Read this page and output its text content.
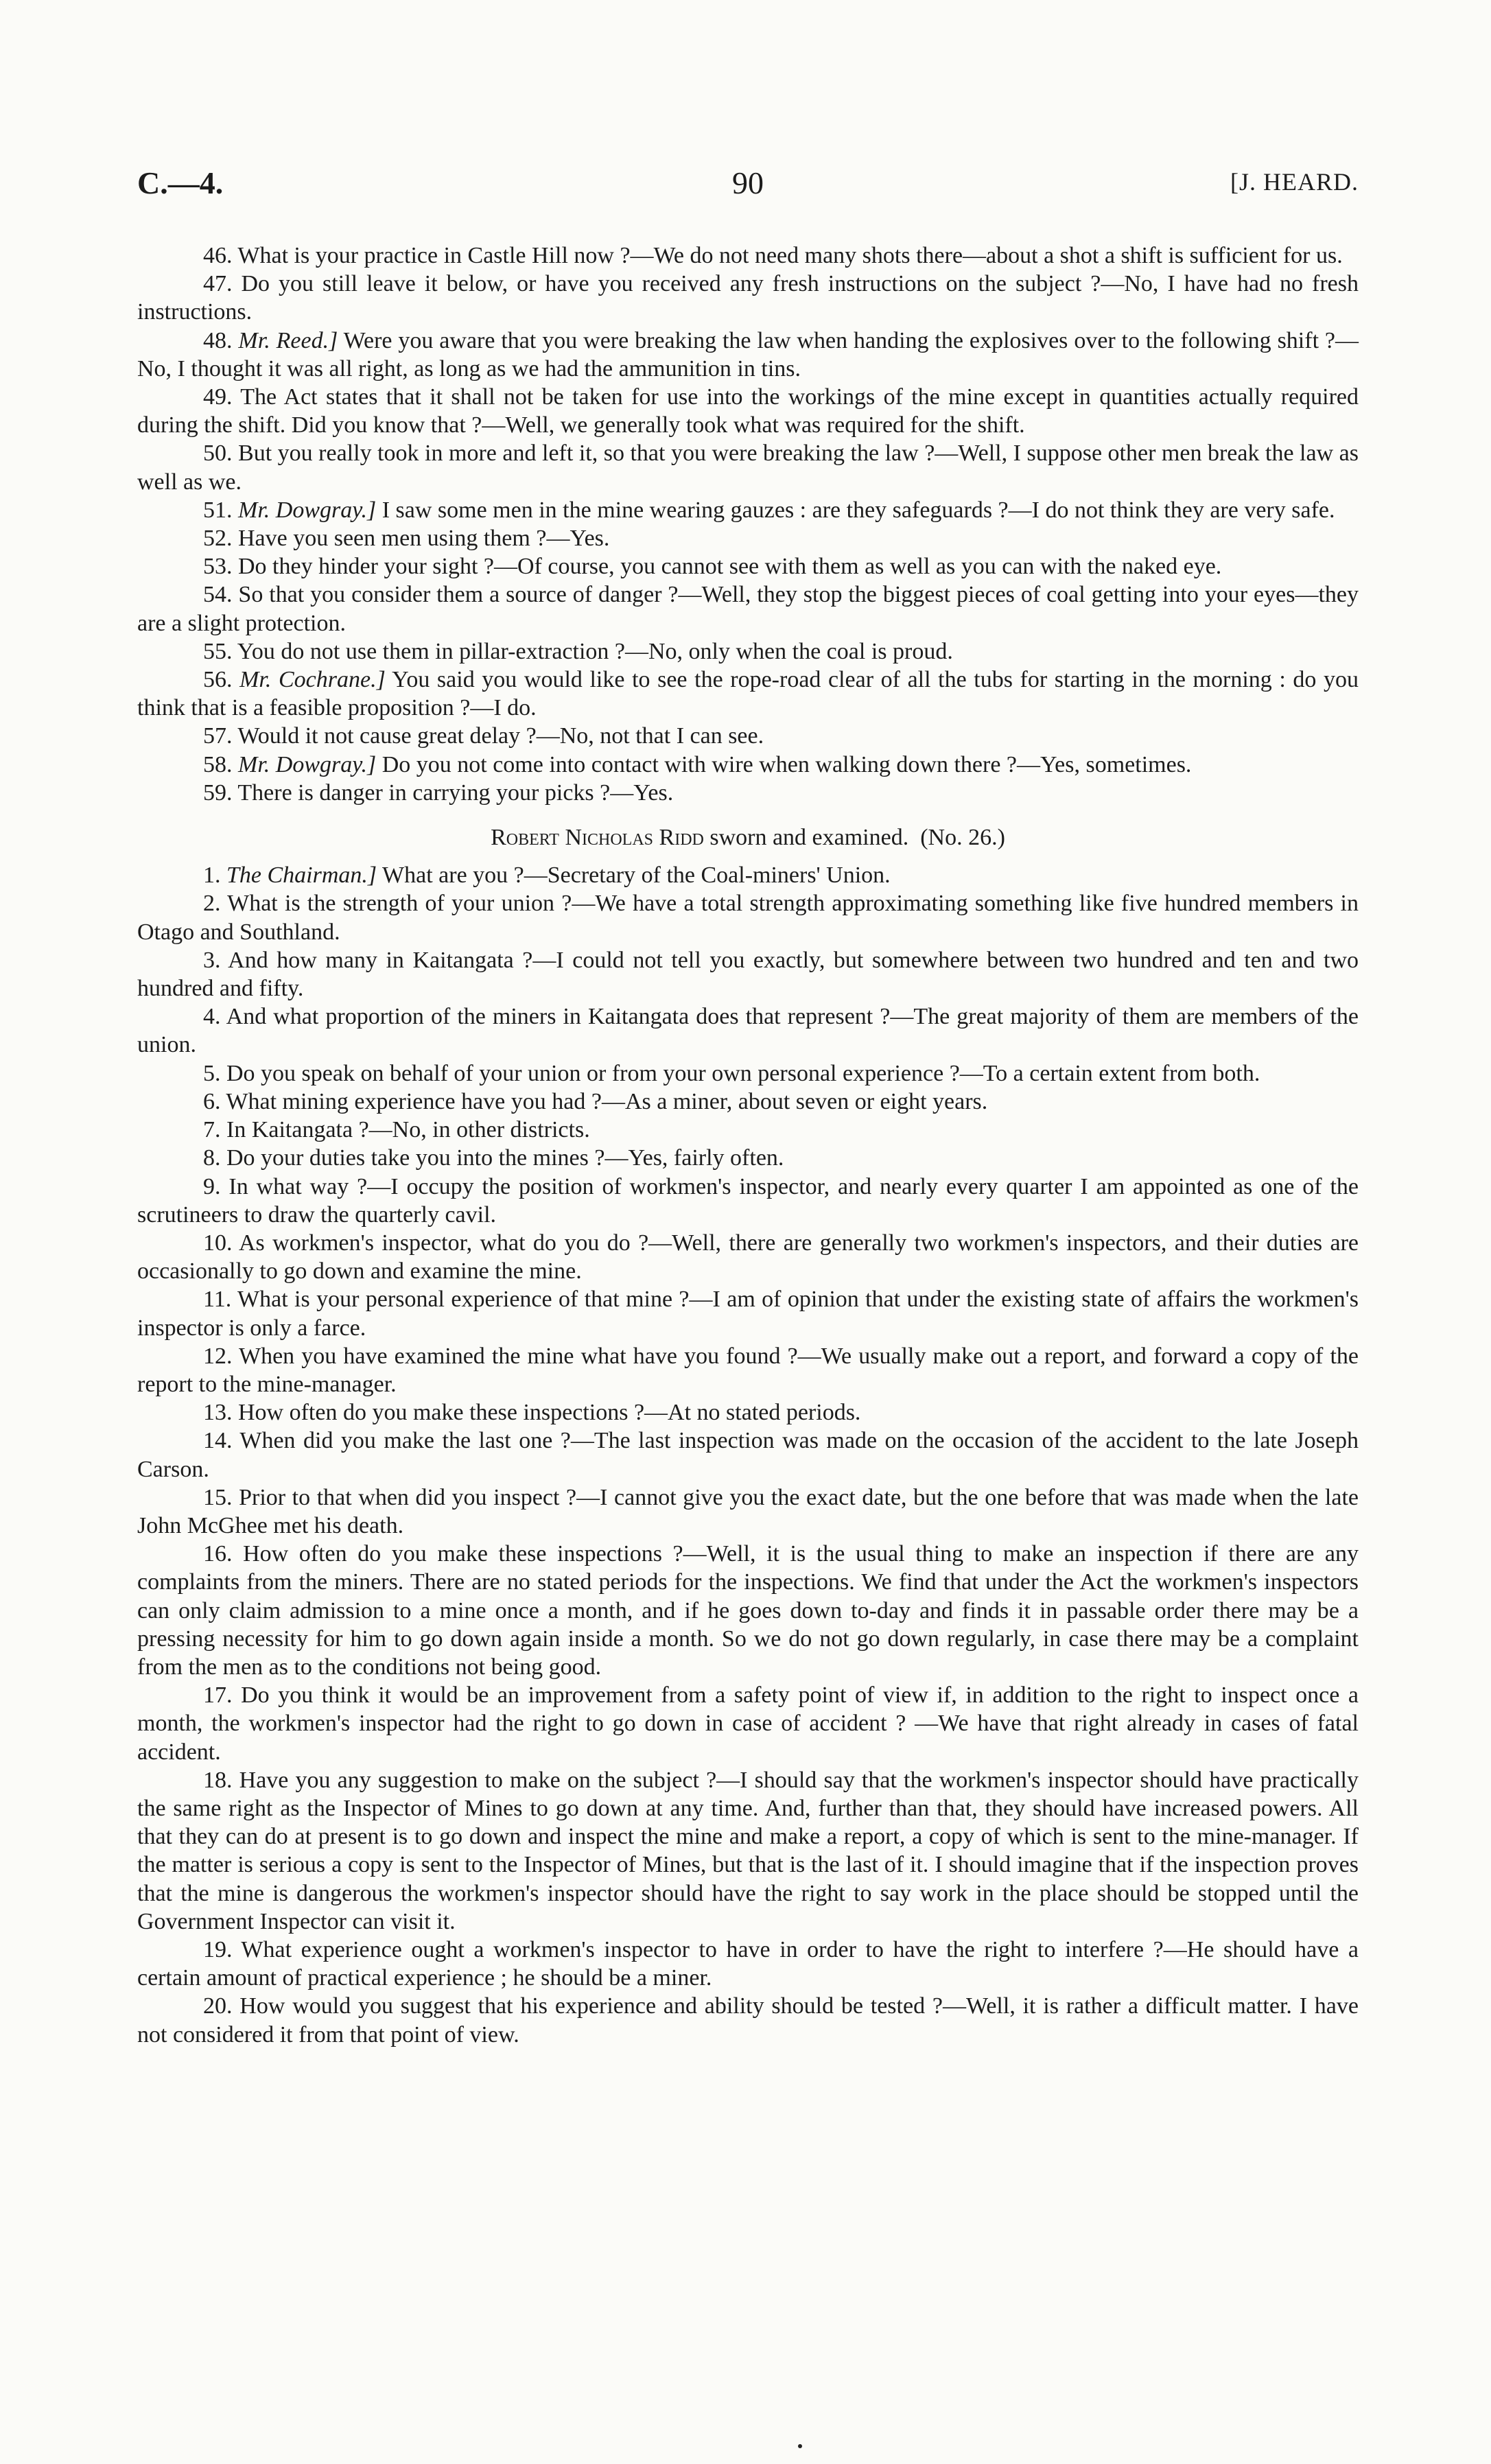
C.—4.	90	[J. HEARD.

46. What is your practice in Castle Hill now ?—We do not need many shots there—about a shot a shift is sufficient for us.

47. Do you still leave it below, or have you received any fresh instructions on the subject ?—No, I have had no fresh instructions.

48. Mr. Reed.] Were you aware that you were breaking the law when handing the explosives over to the following shift ?—No, I thought it was all right, as long as we had the ammunition in tins.

49. The Act states that it shall not be taken for use into the workings of the mine except in quantities actually required during the shift. Did you know that ?—Well, we generally took what was required for the shift.

50. But you really took in more and left it, so that you were breaking the law ?—Well, I suppose other men break the law as well as we.

51. Mr. Dowgray.] I saw some men in the mine wearing gauzes : are they safeguards ?—I do not think they are very safe.

52. Have you seen men using them ?—Yes.

53. Do they hinder your sight ?—Of course, you cannot see with them as well as you can with the naked eye.

54. So that you consider them a source of danger ?—Well, they stop the biggest pieces of coal getting into your eyes—they are a slight protection.

55. You do not use them in pillar-extraction ?—No, only when the coal is proud.

56. Mr. Cochrane.] You said you would like to see the rope-road clear of all the tubs for starting in the morning : do you think that is a feasible proposition ?—I do.

57. Would it not cause great delay ?—No, not that I can see.

58. Mr. Dowgray.] Do you not come into contact with wire when walking down there ?—Yes, sometimes.

59. There is danger in carrying your picks ?—Yes.

Robert Nicholas Ridd sworn and examined. (No. 26.)

1. The Chairman.] What are you ?—Secretary of the Coal-miners' Union.

2. What is the strength of your union ?—We have a total strength approximating something like five hundred members in Otago and Southland.

3. And how many in Kaitangata ?—I could not tell you exactly, but somewhere between two hundred and ten and two hundred and fifty.

4. And what proportion of the miners in Kaitangata does that represent ?—The great majority of them are members of the union.

5. Do you speak on behalf of your union or from your own personal experience ?—To a certain extent from both.

6. What mining experience have you had ?—As a miner, about seven or eight years.

7. In Kaitangata ?—No, in other districts.

8. Do your duties take you into the mines ?—Yes, fairly often.

9. In what way ?—I occupy the position of workmen's inspector, and nearly every quarter I am appointed as one of the scrutineers to draw the quarterly cavil.

10. As workmen's inspector, what do you do ?—Well, there are generally two workmen's inspectors, and their duties are occasionally to go down and examine the mine.

11. What is your personal experience of that mine ?—I am of opinion that under the existing state of affairs the workmen's inspector is only a farce.

12. When you have examined the mine what have you found ?—We usually make out a report, and forward a copy of the report to the mine-manager.

13. How often do you make these inspections ?—At no stated periods.

14. When did you make the last one ?—The last inspection was made on the occasion of the accident to the late Joseph Carson.

15. Prior to that when did you inspect ?—I cannot give you the exact date, but the one before that was made when the late John McGhee met his death.

16. How often do you make these inspections ?—Well, it is the usual thing to make an inspection if there are any complaints from the miners. There are no stated periods for the inspections. We find that under the Act the workmen's inspectors can only claim admission to a mine once a month, and if he goes down to-day and finds it in passable order there may be a pressing necessity for him to go down again inside a month. So we do not go down regularly, in case there may be a complaint from the men as to the conditions not being good.

17. Do you think it would be an improvement from a safety point of view if, in addition to the right to inspect once a month, the workmen's inspector had the right to go down in case of accident ? —We have that right already in cases of fatal accident.

18. Have you any suggestion to make on the subject ?—I should say that the workmen's inspector should have practically the same right as the Inspector of Mines to go down at any time. And, further than that, they should have increased powers. All that they can do at present is to go down and inspect the mine and make a report, a copy of which is sent to the mine-manager. If the matter is serious a copy is sent to the Inspector of Mines, but that is the last of it. I should imagine that if the inspection proves that the mine is dangerous the workmen's inspector should have the right to say work in the place should be stopped until the Government Inspector can visit it.

19. What experience ought a workmen's inspector to have in order to have the right to interfere ?—He should have a certain amount of practical experience ; he should be a miner.

20. How would you suggest that his experience and ability should be tested ?—Well, it is rather a difficult matter. I have not considered it from that point of view.
